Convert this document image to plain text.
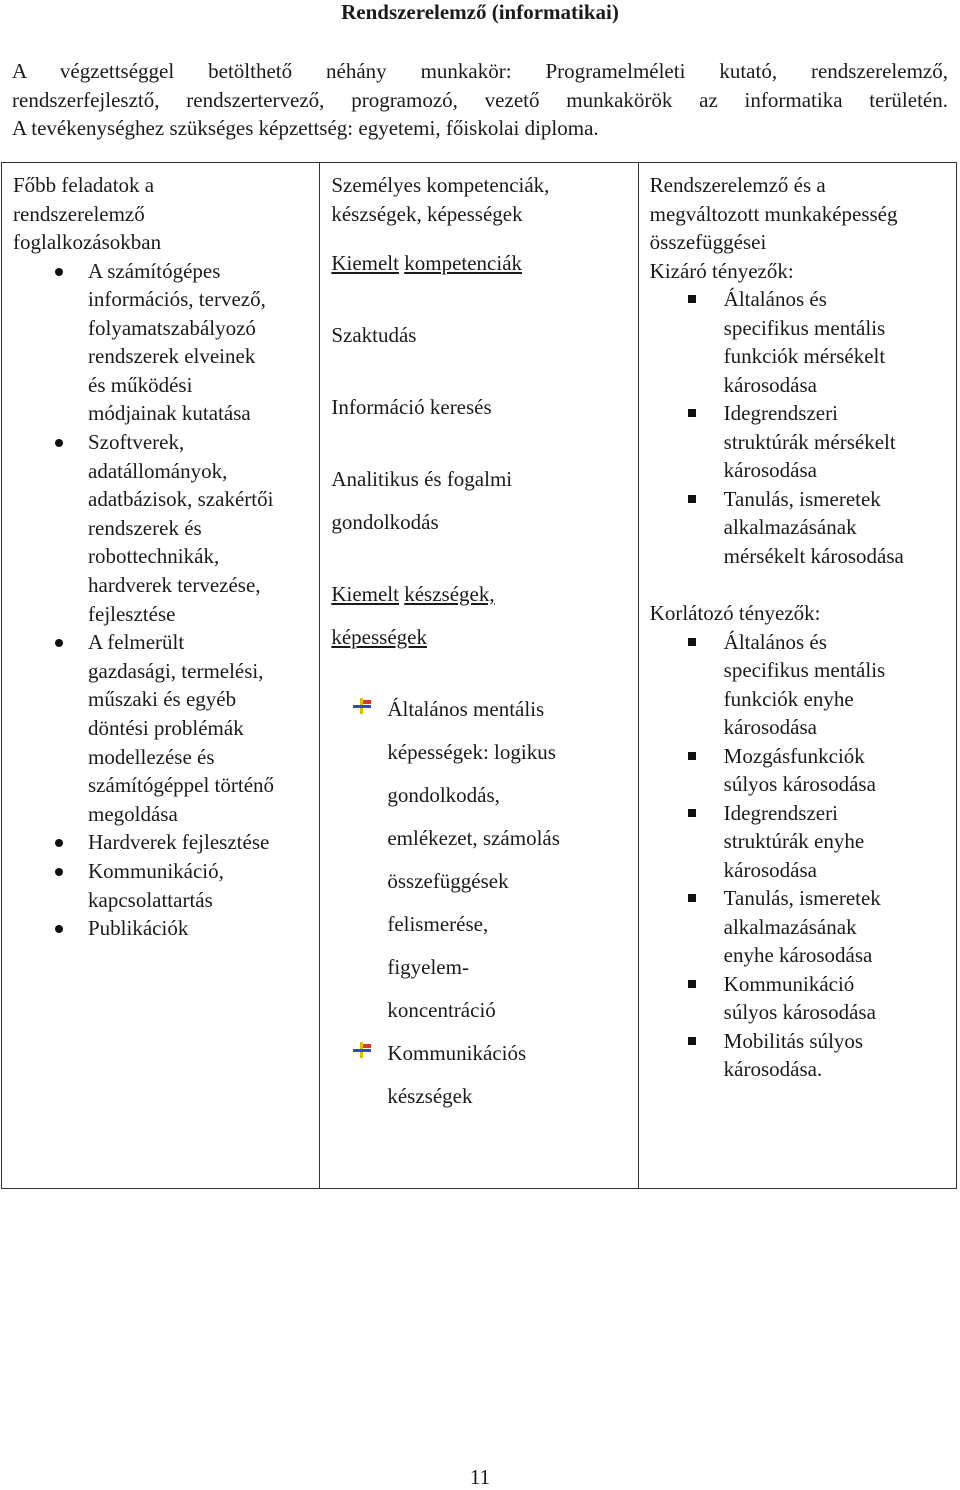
Rendszerelemző (informatikai)
A végzettséggel betölthető néhány munkakör: Programelméleti kutató, rendszerelemző,
rendszerfejlesztő, rendszertervező, programozó, vezető munkakörök az informatika területén.
A tevékenységhez szükséges képzettség: egyetemi, főiskolai diploma.
Főbb feladatok a
rendszerelemző
foglalkozásokban
A számítógépes
információs, tervező,
folyamatszabályozó
rendszerek elveinek
és működési
módjainak kutatása
Szoftverek,
adatállományok,
adatbázisok, szakértői
rendszerek és
robottechnikák,
hardverek tervezése,
fejlesztése
A felmerült
gazdasági, termelési,
műszaki és egyéb
döntési problémák
modellezése és
számítógéppel történő
megoldása
Hardverek fejlesztése
Kommunikáció,
kapcsolattartás
Publikációk

Személyes kompetenciák,
készségek, képességek
Kiemelt kompetenciák
Szaktudás
Információ keresés
Analitikus és fogalmi
gondolkodás
Kiemelt készségek,
képességek
Általános mentális
képességek: logikus
gondolkodás,
emlékezet, számolás
összefüggések
felismerése,
figyelem-
koncentráció
Kommunikációs
készségek

Rendszerelemző és a
megváltozott munkaképesség
összefüggései
Kizáró tényezők:
Általános és
specifikus mentális
funkciók mérsékelt
károsodása
Idegrendszeri
struktúrák mérsékelt
károsodása
Tanulás, ismeretek
alkalmazásának
mérsékelt károsodása
Korlátozó tényezők:
Általános és
specifikus mentális
funkciók enyhe
károsodása
Mozgásfunkciók
súlyos károsodása
Idegrendszeri
struktúrák enyhe
károsodása
Tanulás, ismeretek
alkalmazásának
enyhe károsodása
Kommunikáció
súlyos károsodása
Mobilitás súlyos
károsodása.
11
